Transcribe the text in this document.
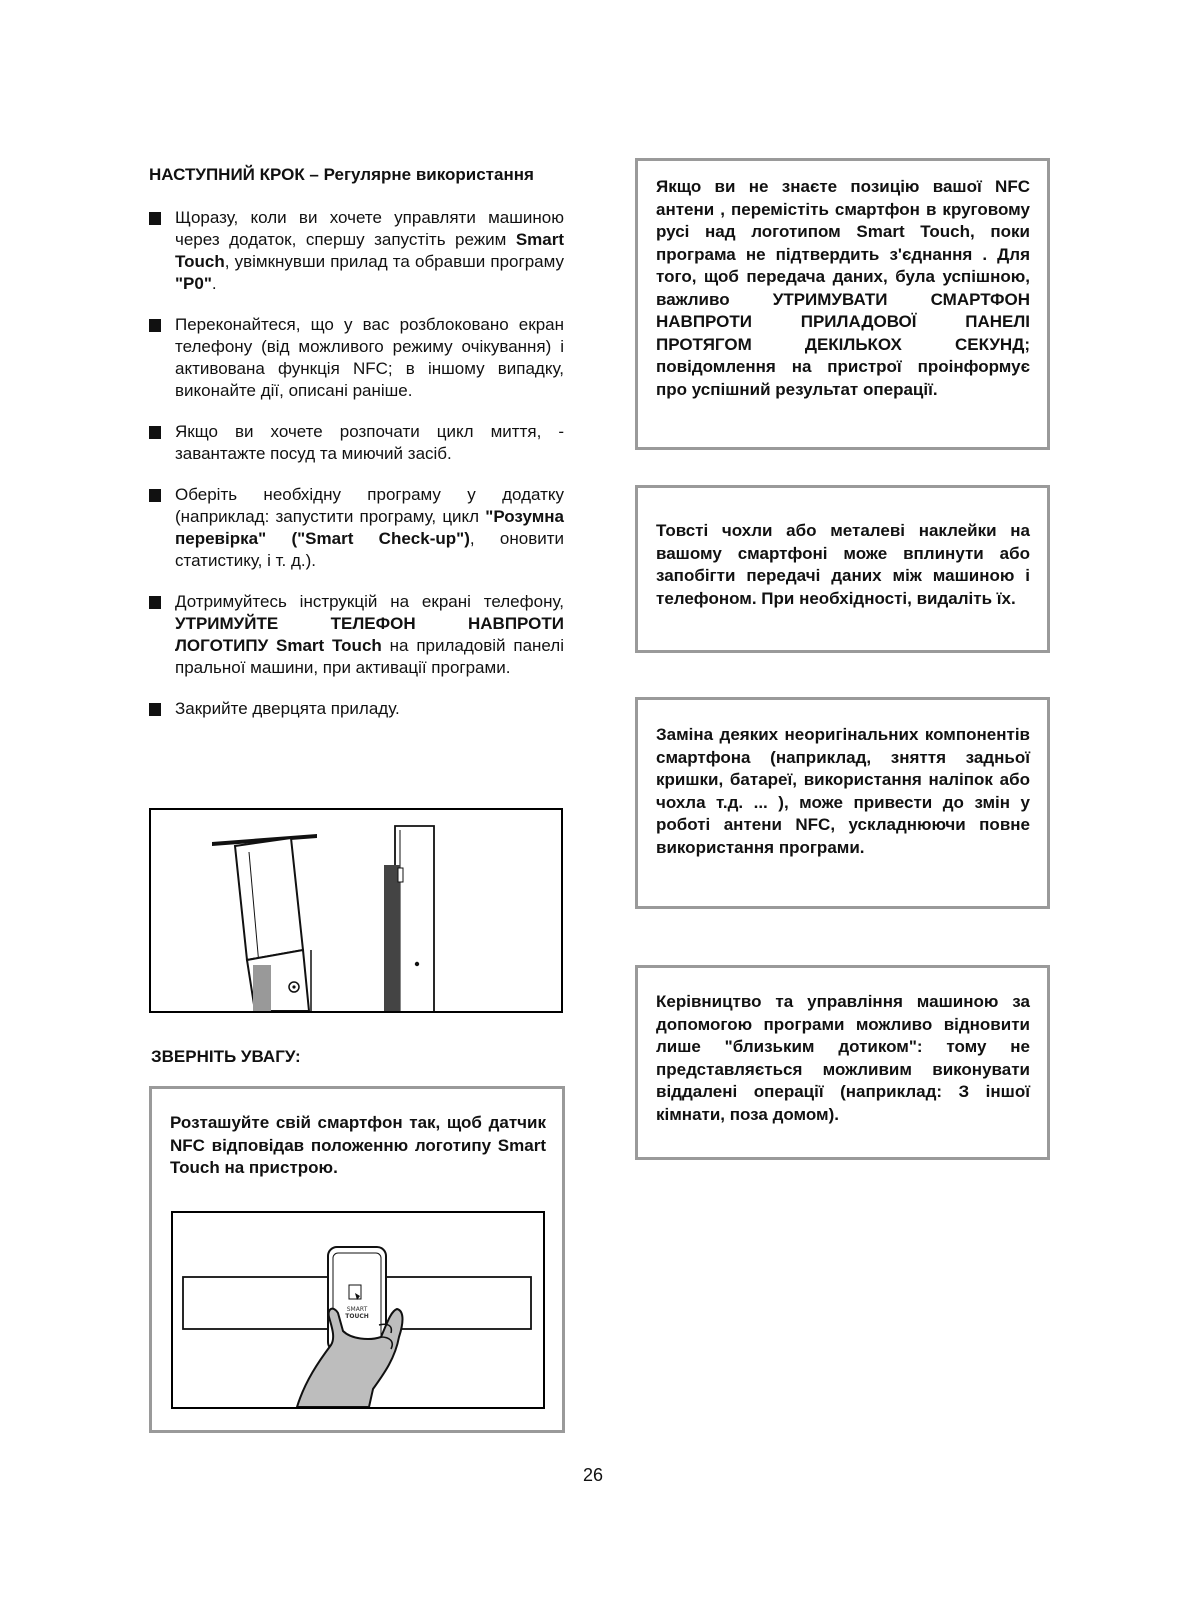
НАСТУПНИЙ КРОК – Регулярне використання
Щоразу, коли ви хочете управляти машиною через додаток, спершу запустіть режим Smart Touch, увімкнувши прилад та обравши програму "P0".
Переконайтеся, що у вас розблоковано екран телефону (від можливого режиму очікування) і активована функція NFC; в іншому випадку, виконайте дії, описані раніше.
Якщо ви хочете розпочати цикл миття, - завантажте посуд та миючий засіб.
Оберіть необхідну програму у додатку (наприклад: запустити програму, цикл "Розумна перевірка" ("Smart Check-up"), оновити статистику, і т. д.).
Дотримуйтесь інструкцій на екрані телефону, УТРИМУЙТЕ ТЕЛЕФОН НАВПРОТИ ЛОГОТИПУ Smart Touch на приладовій панелі пральної машини, при активації програми.
Закрийте дверцята приладу.
ЗВЕРНІТЬ УВАГУ:
Розташуйте свій смартфон так, щоб датчик NFC відповідав положенню логотипу Smart Touch на пристрою.
SMART
TOUCH
Якщо ви не знаєте позицію вашої NFC антени , перемістіть смартфон в круговому русі над логотипом Smart Touch, поки програма не підтвердить з'єднання . Для того, щоб передача даних, була успішною, важливо УТРИМУВАТИ СМАРТФОН НАВПРОТИ ПРИЛАДОВОЇ ПАНЕЛІ ПРОТЯГОМ ДЕКІЛЬКОХ СЕКУНД; повідомлення на пристрої проінформує про успішний результат операції.
Товсті чохли або металеві наклейки на вашому смартфоні може вплинути або запобігти передачі даних між машиною і телефоном. При необхідності, видаліть їх.
Заміна деяких неоригінальних компонентів смартфона (наприклад, зняття задньої кришки, батареї, використання наліпок або чохла т.д. ... ), може привести до змін у роботі антени NFC, ускладнюючи повне використання програми.
Керівництво та управління машиною за допомогою програми можливо відновити лише "близьким дотиком": тому не представляється можливим виконувати віддалені операції (наприклад: З іншої кімнати, поза домом).
26
